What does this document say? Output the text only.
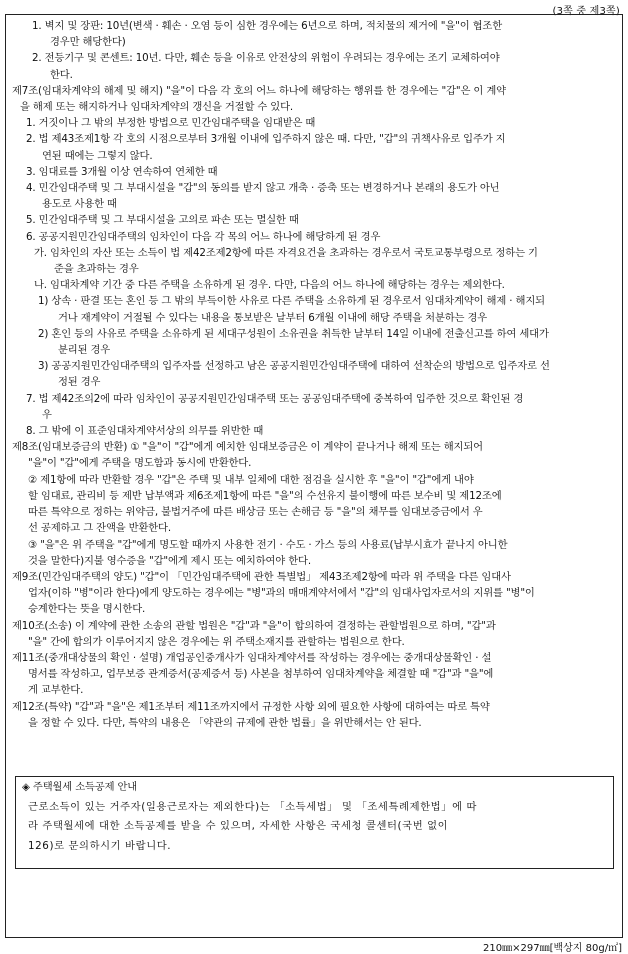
(3쪽 중 제3쪽)
1. 벽지 및 장판: 10년(변색 · 훼손 · 오염 등이 심한 경우에는 6년으로 하며, 적치물의 제거에 "을"이 협조한
경우만 해당한다)
2. 전등기구 및 콘센트: 10년. 다만, 훼손 등을 이유로 안전상의 위험이 우려되는 경우에는 조기 교체하여야
한다.
제7조(임대차계약의 해제 및 해지) "을"이 다음 각 호의 어느 하나에 해당하는 행위를 한 경우에는 "갑"은 이 계약
을 해제 또는 해지하거나 임대차계약의 갱신을 거절할 수 있다.
1. 거짓이나 그 밖의 부정한 방법으로 민간임대주택을 임대받은 때
2. 법 제43조제1항 각 호의 시점으로부터 3개월 이내에 입주하지 않은 때. 다만, "갑"의 귀책사유로 입주가 지
연된 때에는 그렇지 않다.
3. 임대료를 3개월 이상 연속하여 연체한 때
4. 민간임대주택 및 그 부대시설을 "갑"의 동의를 받지 않고 개축 · 증축 또는 변경하거나 본래의 용도가 아닌
용도로 사용한 때
5. 민간임대주택 및 그 부대시설을 고의로 파손 또는 멸실한 때
6. 공공지원민간임대주택의 임차인이 다음 각 목의 어느 하나에 해당하게 된 경우
가. 임차인의 자산 또는 소득이 법 제42조제2항에 따른 자격요건을 초과하는 경우로서 국토교통부령으로 정하는 기
준을 초과하는 경우
나. 임대차계약 기간 중 다른 주택을 소유하게 된 경우. 다만, 다음의 어느 하나에 해당하는 경우는 제외한다.
1) 상속 · 판결 또는 혼인 등 그 밖의 부득이한 사유로 다른 주택을 소유하게 된 경우로서 임대차계약이 해제 · 해지되
거나 재계약이 거절될 수 있다는 내용을 통보받은 날부터 6개월 이내에 해당 주택을 처분하는 경우
2) 혼인 등의 사유로 주택을 소유하게 된 세대구성원이 소유권을 취득한 날부터 14일 이내에 전출신고를 하여 세대가
분리된 경우
3) 공공지원민간임대주택의 입주자를 선정하고 남은 공공지원민간임대주택에 대하여 선착순의 방법으로 입주자로 선
정된 경우
7. 법 제42조의2에 따라 임차인이 공공지원민간임대주택 또는 공공임대주택에 중복하여 입주한 것으로 확인된 경
우
8. 그 밖에 이 표준임대차계약서상의 의무를 위반한 때
제8조(임대보증금의 반환) ① "을"이 "갑"에게 예치한 임대보증금은 이 계약이 끝나거나 해제 또는 해지되어
"을"이 "갑"에게 주택을 명도함과 동시에 반환한다.
② 제1항에 따라 반환할 경우 "갑"은 주택 및 내부 일체에 대한 점검을 실시한 후 "을"이 "갑"에게 내야
할 임대료, 관리비 등 제반 납부액과 제6조제1항에 따른 "을"의 수선유지 불이행에 따른 보수비 및 제12조에
따른 특약으로 정하는 위약금, 불법거주에 따른 배상금 또는 손해금 등 "을"의 채무를 임대보증금에서 우
선 공제하고 그 잔액을 반환한다.
③ "을"은 위 주택을 "갑"에게 명도할 때까지 사용한 전기 · 수도 · 가스 등의 사용료(납부시효가 끝나지 아니한
것을 말한다)지불 영수증을 "갑"에게 제시 또는 예치하여야 한다.
제9조(민간임대주택의 양도) "갑"이 「민간임대주택에 관한 특별법」 제43조제2항에 따라 위 주택을 다른 임대사
업자(이하 "병"이라 한다)에게 양도하는 경우에는 "병"과의 매매계약서에서 "갑"의 임대사업자로서의 지위를 "병"이
승계한다는 뜻을 명시한다.
제10조(소송) 이 계약에 관한 소송의 관할 법원은 "갑"과 "을"이 합의하여 결정하는 관할법원으로 하며, "갑"과
"을" 간에 합의가 이루어지지 않은 경우에는 위 주택소재지를 관할하는 법원으로 한다.
제11조(중개대상물의 확인 · 설명) 개업공인중개사가 임대차계약서를 작성하는 경우에는 중개대상물확인 · 설
명서를 작성하고, 업무보증 관계증서(공제증서 등) 사본을 첨부하여 임대차계약을 체결할 때 "갑"과 "을"에
게 교부한다.
제12조(특약) "갑"과 "을"은 제1조부터 제11조까지에서 규정한 사항 외에 필요한 사항에 대하여는 따로 특약
을 정할 수 있다. 다만, 특약의 내용은 「약관의 규제에 관한 법률」을 위반해서는 안 된다.
◈ 주택월세 소득공제 안내
근로소득이 있는 거주자(일용근로자는 제외한다)는 「소득세법」 및 「조세특례제한법」에 따
라 주택월세에 대한 소득공제를 받을 수 있으며, 자세한 사항은 국세청 콜센터(국번 없이
126)로 문의하시기 바랍니다.
210㎜×297㎜[백상지 80g/㎡]
